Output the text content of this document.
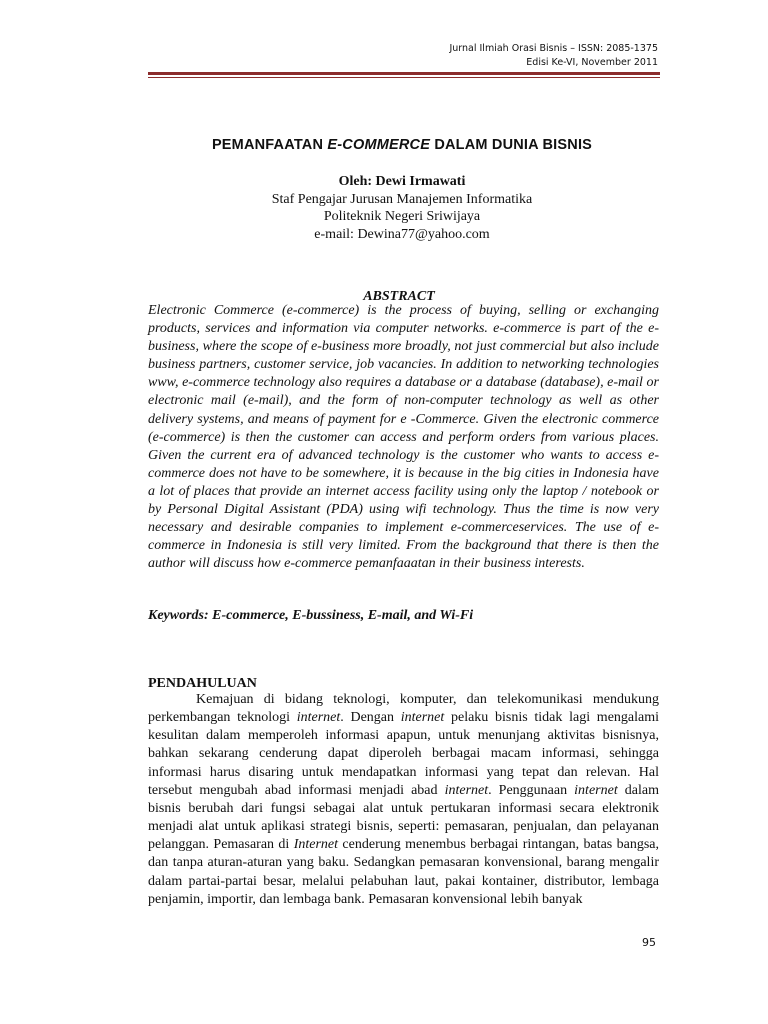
Jurnal Ilmiah Orasi Bisnis – ISSN: 2085-1375
Edisi Ke-VI, November 2011
PEMANFAATAN E-COMMERCE DALAM DUNIA BISNIS
Oleh: Dewi Irmawati
Staf Pengajar Jurusan Manajemen Informatika
Politeknik Negeri Sriwijaya
e-mail: Dewina77@yahoo.com
ABSTRACT
Electronic Commerce (e-commerce) is the process of buying, selling or exchanging products, services and information via computer networks. e-commerce is part of the e-business, where the scope of e-business more broadly, not just commercial but also include business partners, customer service, job vacancies. In addition to networking technologies www, e-commerce technology also requires a database or a database (database), e-mail or electronic mail (e-mail), and the form of non-computer technology as well as other delivery systems, and means of payment for e -Commerce. Given the electronic commerce (e-commerce) is then the customer can access and perform orders from various places. Given the current era of advanced technology is the customer who wants to access e-commerce does not have to be somewhere, it is because in the big cities in Indonesia have a lot of places that provide an internet access facility using only the laptop / notebook or by Personal Digital Assistant (PDA) using wifi technology. Thus the time is now very necessary and desirable companies to implement e-commerceservices. The use of e-commerce in Indonesia is still very limited. From the background that there is then the author will discuss how e-commerce pemanfaaatan in their business interests.
Keywords: E-commerce, E-bussiness, E-mail, and Wi-Fi
PENDAHULUAN
Kemajuan di bidang teknologi, komputer, dan telekomunikasi mendukung perkembangan teknologi internet. Dengan internet pelaku bisnis tidak lagi mengalami kesulitan dalam memperoleh informasi apapun, untuk menunjang aktivitas bisnisnya, bahkan sekarang cenderung dapat diperoleh berbagai macam informasi, sehingga informasi harus disaring untuk mendapatkan informasi yang tepat dan relevan. Hal tersebut mengubah abad informasi menjadi abad internet. Penggunaan internet dalam bisnis berubah dari fungsi sebagai alat untuk pertukaran informasi secara elektronik menjadi alat untuk aplikasi strategi bisnis, seperti: pemasaran, penjualan, dan pelayanan pelanggan. Pemasaran di Internet cenderung menembus berbagai rintangan, batas bangsa, dan tanpa aturan-aturan yang baku. Sedangkan pemasaran konvensional, barang mengalir dalam partai-partai besar, melalui pelabuhan laut, pakai kontainer, distributor, lembaga penjamin, importir, dan lembaga bank. Pemasaran konvensional lebih banyak
95
